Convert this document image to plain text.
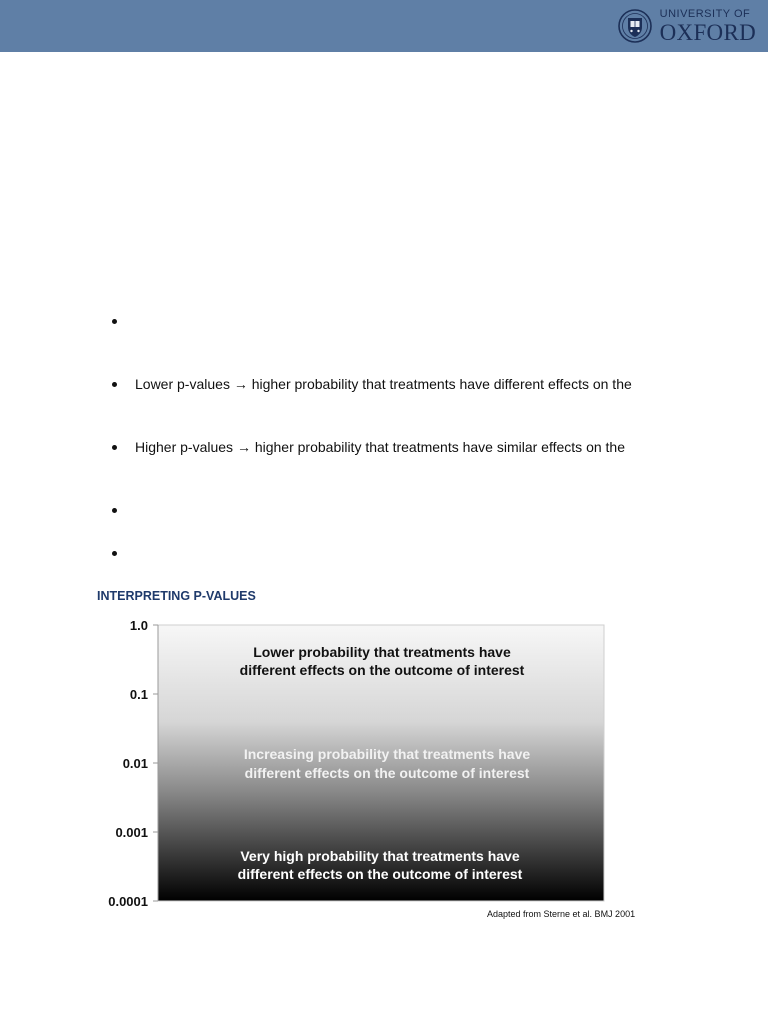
UNIVERSITY OF
OXFORD
Lower p-values → higher probability that treatments have different effects on the
Higher p-values → higher probability that treatments have similar effects on the
INTERPRETING P-VALUES
1.0
0.1
0.01
0.001
0.0001
Lower probability that treatments have
different effects on the outcome of interest
Increasing probability that treatments have
different effects on the outcome of interest
Very high probability that treatments have
different effects on the outcome of interest
Adapted from Sterne et al. BMJ 2001
